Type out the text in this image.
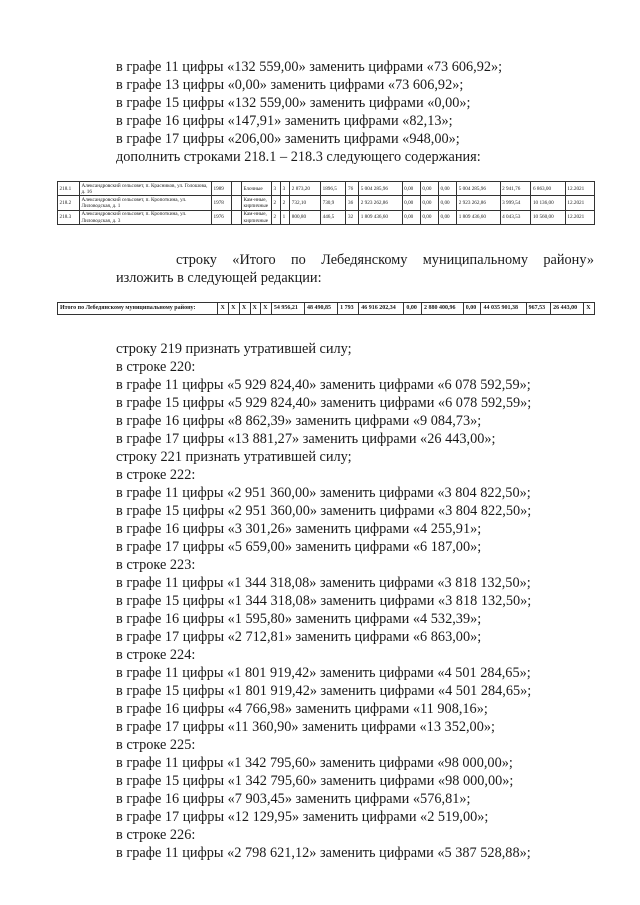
в графе 11 цифры «132 559,00» заменить цифрами «73 606,92»;
в графе 13 цифры «0,00» заменить цифрами «73 606,92»;
в графе 15 цифры «132 559,00» заменить цифрами «0,00»;
в графе 16 цифры «147,91» заменить цифрами «82,13»;
в графе 17 цифры «206,00» заменить цифрами «948,00»;
дополнить строками 218.1 – 218.3 следующего содержания:
218.1	Александровский сельсовет, п. Красников, ул. Голошова, д. 16	1989		Блочные	3	3	2 873,20	1896,5	76	5 004 285,96	0,00	0,00	0,00	5 004 285,96	2 941,76	6 863,00	12.2021
218.2	Александровский сельсовет, п. Кропоткина, ул. Лиловодская, д. 1	1978		Кам-нные, кирпичные	2	2	732,10	730,9	36	2 923 262,86	0,00	0,00	0,00	2 923 262,86	3 999,54	10 136,00	12.2021
218.3	Александровский сельсовет, п. Кропоткина, ул. Лиловодская, д. 3	1976		Кам-нные, кирпичные	2	1	800,80	446,5	32	1 809 436,60	0,00	0,00	0,00	1 809 436,60	4 043,53	10 560,00	12.2021
строку «Итого по Лебедянскому муниципальному району» изложить в следующей редакции:
Итого по Лебедянскому муниципальному району:	X	X	X	X	X	54 956,21	48 490,85	1 793	46 916 202,34	0,00	2 880 400,96	0,00	44 035 901,38	967,53	26 443,00	X
строку 219 признать утратившей силу;
в строке 220:
в графе 11 цифры «5 929 824,40» заменить цифрами «6 078 592,59»;
в графе 15 цифры «5 929 824,40» заменить цифрами «6 078 592,59»;
в графе 16 цифры «8 862,39» заменить цифрами «9 084,73»;
в графе 17 цифры «13 881,27» заменить цифрами «26 443,00»;
строку 221 признать утратившей силу;
в строке 222:
в графе 11 цифры «2 951 360,00» заменить цифрами «3 804 822,50»;
в графе 15 цифры «2 951 360,00» заменить цифрами «3 804 822,50»;
в графе 16 цифры «3 301,26» заменить цифрами «4 255,91»;
в графе 17 цифры «5 659,00» заменить цифрами «6 187,00»;
в строке 223:
в графе 11 цифры «1 344 318,08» заменить цифрами «3 818 132,50»;
в графе 15 цифры «1 344 318,08» заменить цифрами «3 818 132,50»;
в графе 16 цифры «1 595,80» заменить цифрами «4 532,39»;
в графе 17 цифры «2 712,81» заменить цифрами «6 863,00»;
в строке 224:
в графе 11 цифры «1 801 919,42» заменить цифрами «4 501 284,65»;
в графе 15 цифры «1 801 919,42» заменить цифрами «4 501 284,65»;
в графе 16 цифры «4 766,98» заменить цифрами «11 908,16»;
в графе 17 цифры «11 360,90» заменить цифрами «13 352,00»;
в строке 225:
в графе 11 цифры «1 342 795,60» заменить цифрами «98 000,00»;
в графе 15 цифры «1 342 795,60» заменить цифрами «98 000,00»;
в графе 16 цифры «7 903,45» заменить цифрами «576,81»;
в графе 17 цифры «12 129,95» заменить цифрами «2 519,00»;
в строке 226:
в графе 11 цифры «2 798 621,12» заменить цифрами «5 387 528,88»;
